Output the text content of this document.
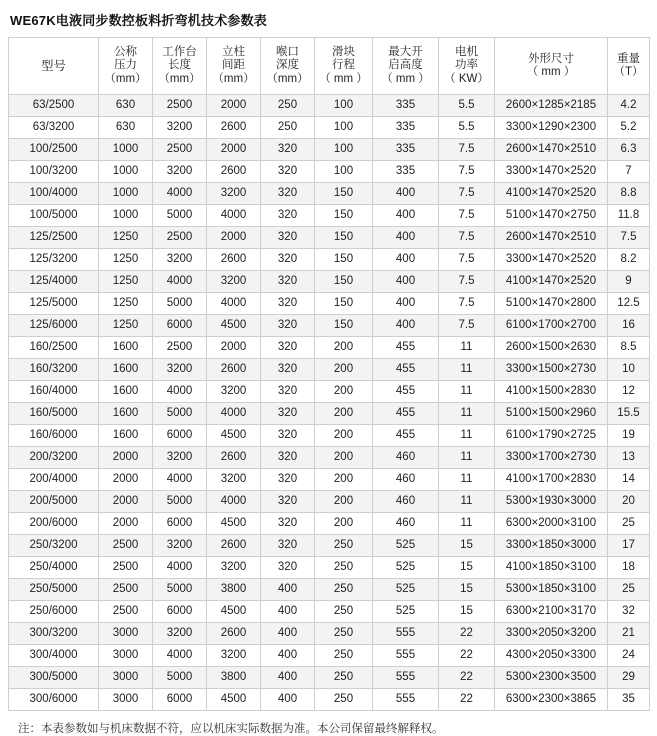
WE67K电液同步数控板料折弯机技术参数表
型号	公称
压力
（mm）	工作台
长度
（mm）	立柱
间距
（mm）	喉口
深度
（mm）	滑块
行程
（ mm ）	最大开
启高度
（ mm ）	电机
功率
（ KW）	外形尺寸
（ mm ）	重量
（T）

63/2500	630	2500	2000	250	100	335	5.5	2600×1285×2185	4.2
63/3200	630	3200	2600	250	100	335	5.5	3300×1290×2300	5.2
100/2500	1000	2500	2000	320	100	335	7.5	2600×1470×2510	6.3
100/3200	1000	3200	2600	320	100	335	7.5	3300×1470×2520	7
100/4000	1000	4000	3200	320	150	400	7.5	4100×1470×2520	8.8
100/5000	1000	5000	4000	320	150	400	7.5	5100×1470×2750	11.8
125/2500	1250	2500	2000	320	150	400	7.5	2600×1470×2510	7.5
125/3200	1250	3200	2600	320	150	400	7.5	3300×1470×2520	8.2
125/4000	1250	4000	3200	320	150	400	7.5	4100×1470×2520	9
125/5000	1250	5000	4000	320	150	400	7.5	5100×1470×2800	12.5
125/6000	1250	6000	4500	320	150	400	7.5	6100×1700×2700	16
160/2500	1600	2500	2000	320	200	455	11	2600×1500×2630	8.5
160/3200	1600	3200	2600	320	200	455	11	3300×1500×2730	10
160/4000	1600	4000	3200	320	200	455	11	4100×1500×2830	12
160/5000	1600	5000	4000	320	200	455	11	5100×1500×2960	15.5
160/6000	1600	6000	4500	320	200	455	11	6100×1790×2725	19
200/3200	2000	3200	2600	320	200	460	11	3300×1700×2730	13
200/4000	2000	4000	3200	320	200	460	11	4100×1700×2830	14
200/5000	2000	5000	4000	320	200	460	11	5300×1930×3000	20
200/6000	2000	6000	4500	320	200	460	11	6300×2000×3100	25
250/3200	2500	3200	2600	320	250	525	15	3300×1850×3000	17
250/4000	2500	4000	3200	320	250	525	15	4100×1850×3100	18
250/5000	2500	5000	3800	400	250	525	15	5300×1850×3100	25
250/6000	2500	6000	4500	400	250	525	15	6300×2100×3170	32
300/3200	3000	3200	2600	400	250	555	22	3300×2050×3200	21
300/4000	3000	4000	3200	400	250	555	22	4300×2050×3300	24
300/5000	3000	5000	3800	400	250	555	22	5300×2300×3500	29
300/6000	3000	6000	4500	400	250	555	22	6300×2300×3865	35
注：本表参数如与机床数据不符，应以机床实际数据为准。本公司保留最终解释权。
